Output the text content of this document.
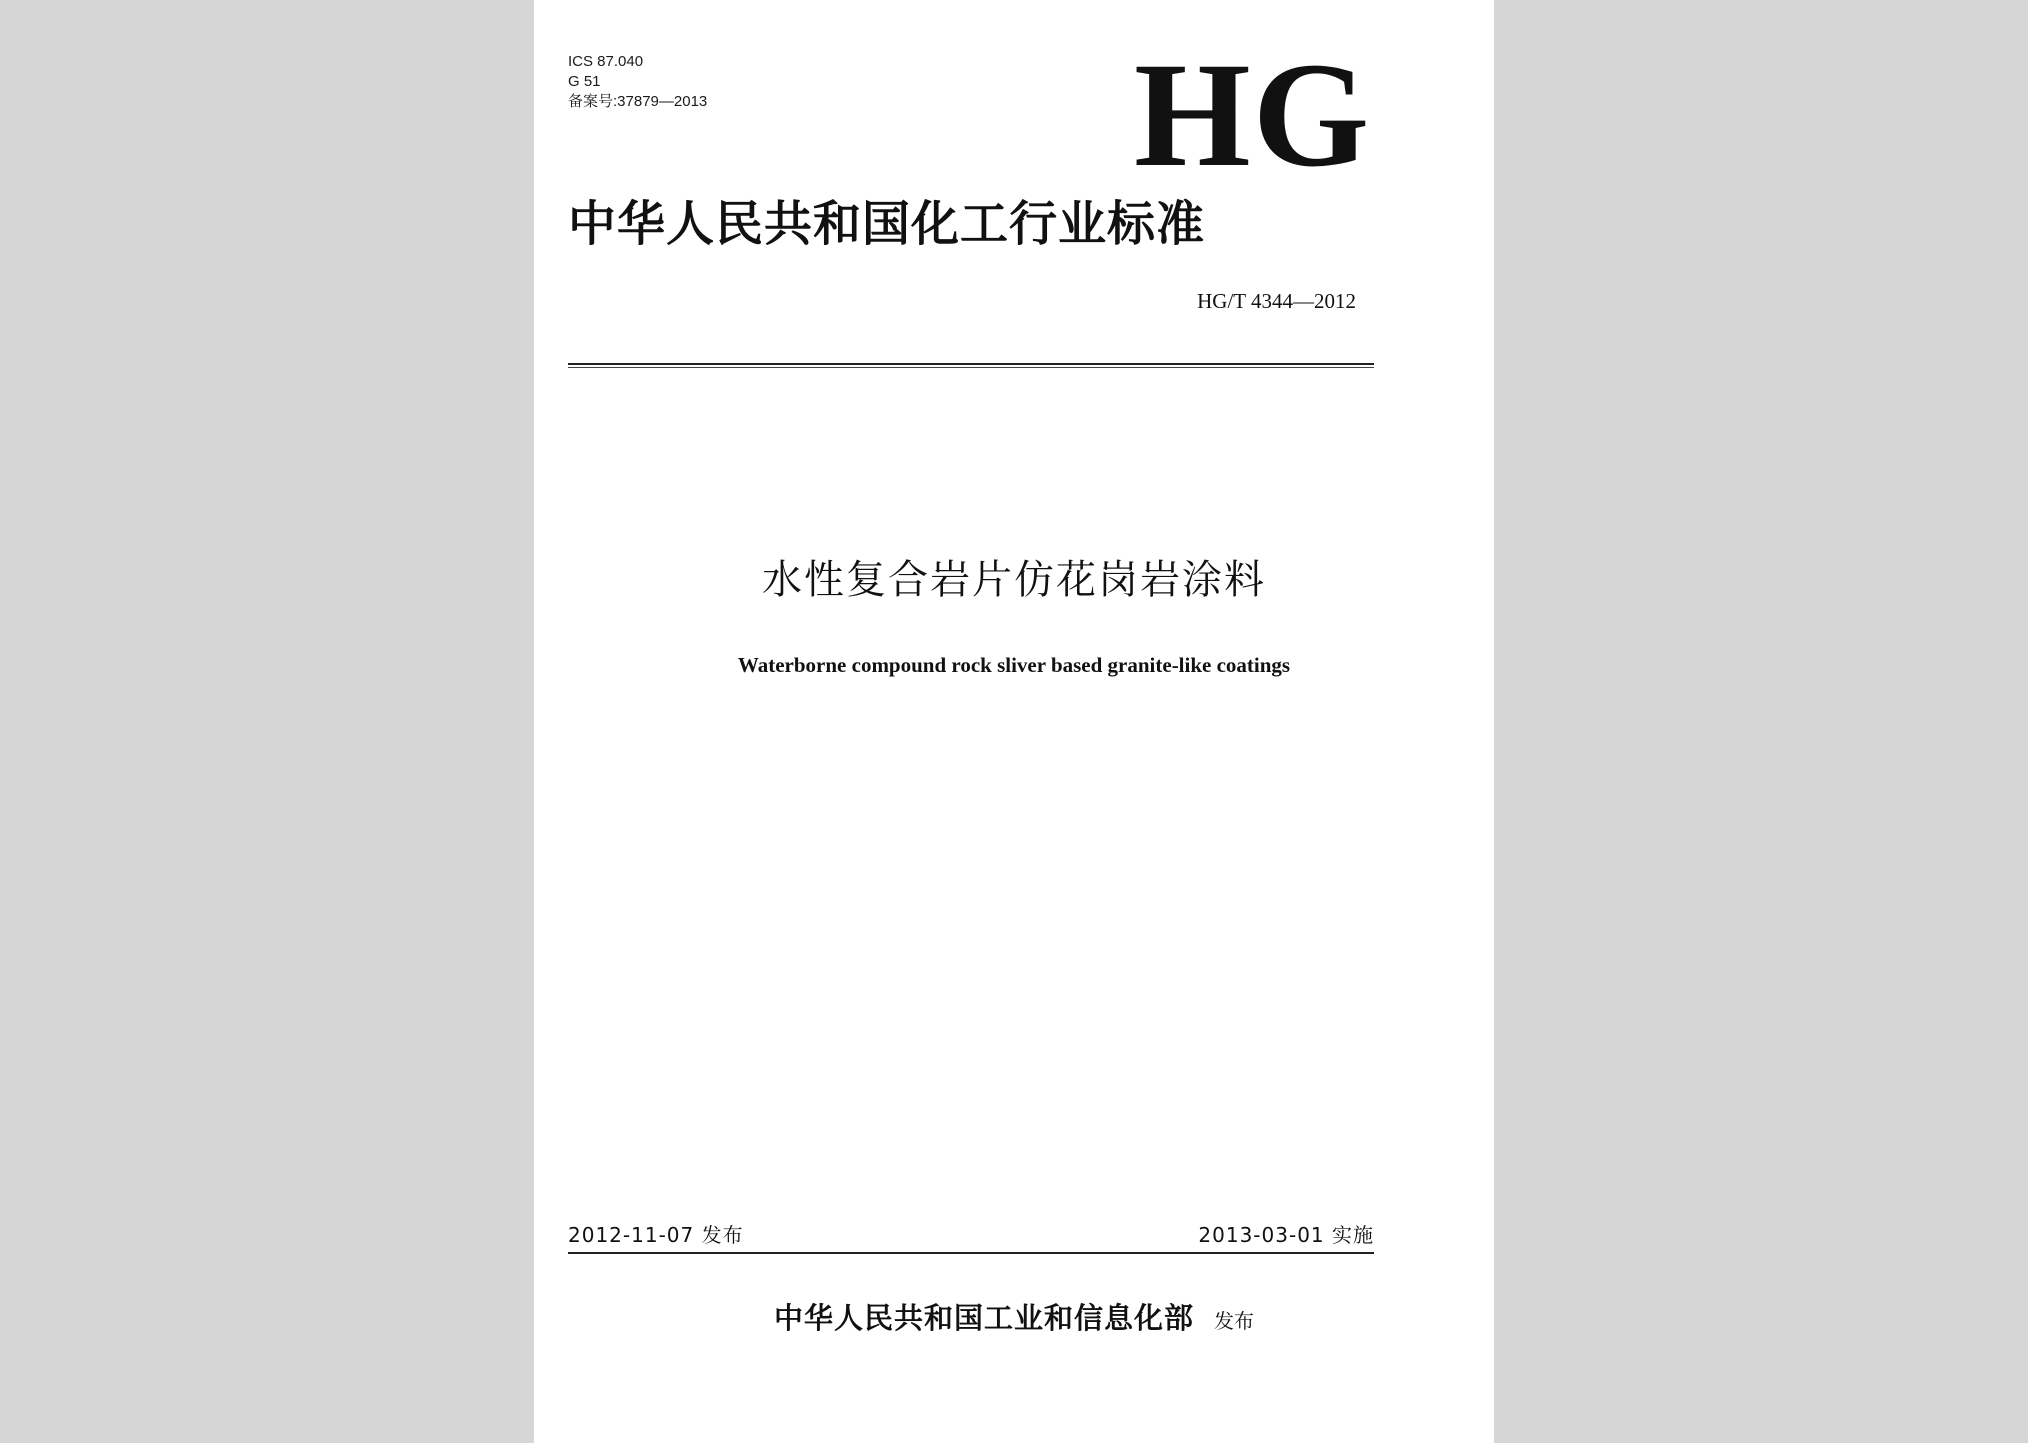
ICS 87.040
G 51
备案号:37879—2013	HG
中华人民共和国化工行业标准
HG/T 4344—2012
水性复合岩片仿花岗岩涂料
Waterborne compound rock sliver based granite-like coatings
2012-11-07 发布	2013-03-01 实施
中华人民共和国工业和信息化部 发布
